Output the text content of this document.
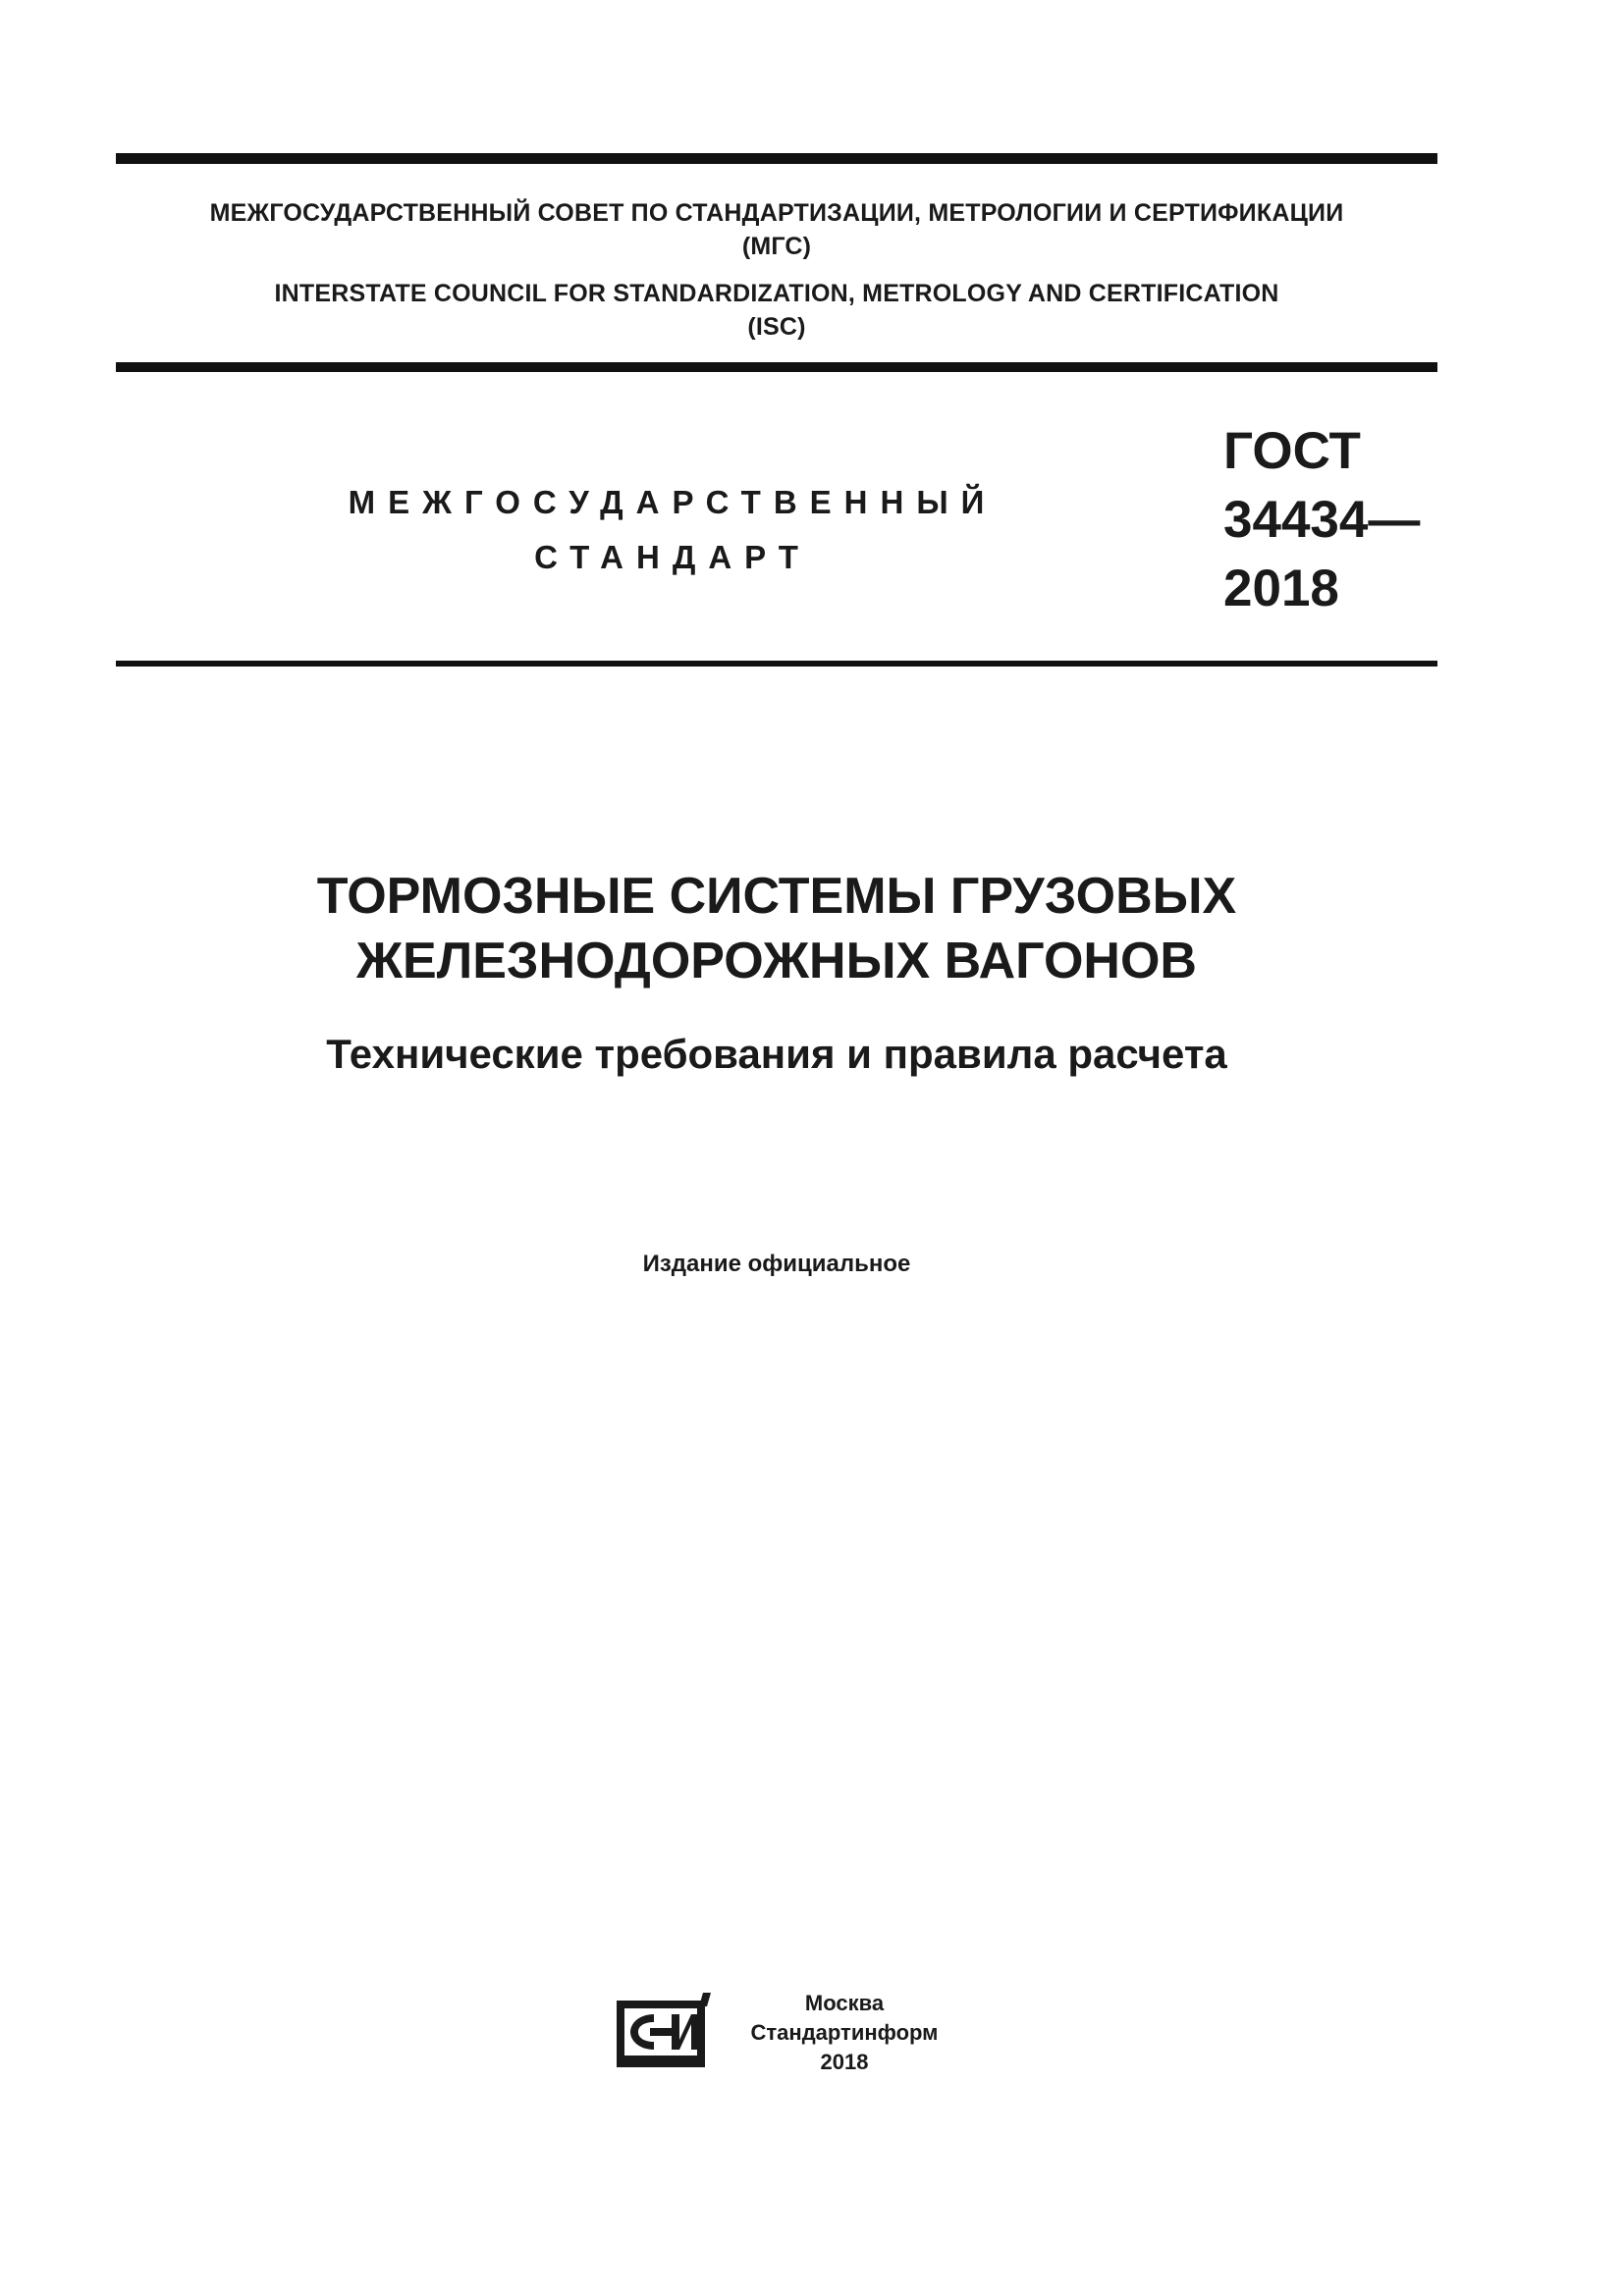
МЕЖГОСУДАРСТВЕННЫЙ СОВЕТ ПО СТАНДАРТИЗАЦИИ, МЕТРОЛОГИИ И СЕРТИФИКАЦИИ
(МГС)
INTERSTATE COUNCIL FOR STANDARDIZATION, METROLOGY AND CERTIFICATION
(ISC)
МЕЖГОСУДАРСТВЕННЫЙ
СТАНДАРТ
ГОСТ
34434—
2018
ТОРМОЗНЫЕ СИСТЕМЫ ГРУЗОВЫХ
ЖЕЛЕЗНОДОРОЖНЫХ ВАГОНОВ
Технические требования и правила расчета
Издание официальное
Москва
Стандартинформ
2018
